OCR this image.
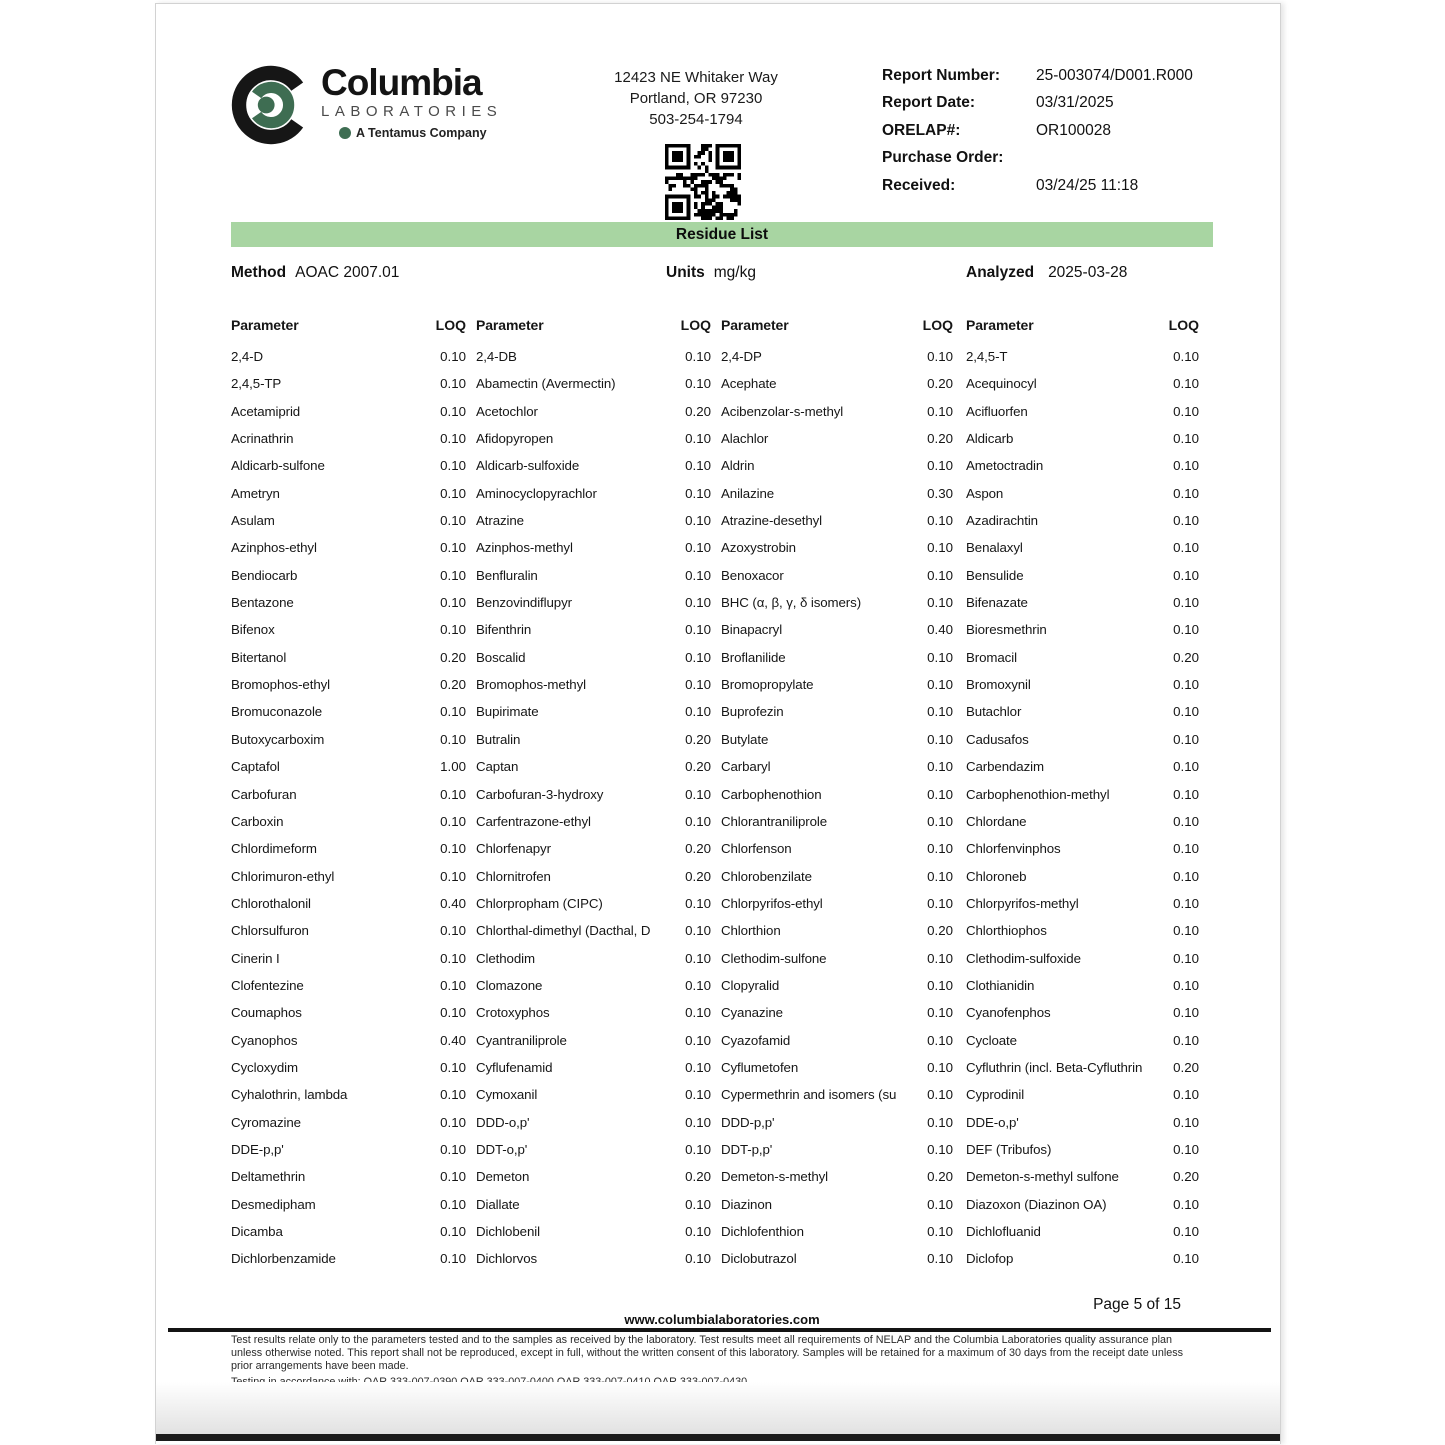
Columbia
LABORATORIES
A Tentamus Company
12423 NE Whitaker Way
Portland, OR 97230
503-254-1794
Report Number:	25-003074/D001.R000
Report Date:	03/31/2025
ORELAP#:	OR100028
Purchase Order:
Received:	03/24/25 11:18
Residue List
Method AOAC 2007.01	Units mg/kg	Analyzed 2025-03-28
Parameter	LOQ
2,4-D	0.10
2,4,5-TP	0.10
Acetamiprid	0.10
Acrinathrin	0.10
Aldicarb-sulfone	0.10
Ametryn	0.10
Asulam	0.10
Azinphos-ethyl	0.10
Bendiocarb	0.10
Bentazone	0.10
Bifenox	0.10
Bitertanol	0.20
Bromophos-ethyl	0.20
Bromuconazole	0.10
Butoxycarboxim	0.10
Captafol	1.00
Carbofuran	0.10
Carboxin	0.10
Chlordimeform	0.10
Chlorimuron-ethyl	0.10
Chlorothalonil	0.40
Chlorsulfuron	0.10
Cinerin I	0.10
Clofentezine	0.10
Coumaphos	0.10
Cyanophos	0.40
Cycloxydim	0.10
Cyhalothrin, lambda	0.10
Cyromazine	0.10
DDE-p,p'	0.10
Deltamethrin	0.10
Desmedipham	0.10
Dicamba	0.10
Dichlorbenzamide	0.10
Parameter	LOQ
2,4-DB	0.10
Abamectin (Avermectin)	0.10
Acetochlor	0.20
Afidopyropen	0.10
Aldicarb-sulfoxide	0.10
Aminocyclopyrachlor	0.10
Atrazine	0.10
Azinphos-methyl	0.10
Benfluralin	0.10
Benzovindiflupyr	0.10
Bifenthrin	0.10
Boscalid	0.10
Bromophos-methyl	0.10
Bupirimate	0.10
Butralin	0.20
Captan	0.20
Carbofuran-3-hydroxy	0.10
Carfentrazone-ethyl	0.10
Chlorfenapyr	0.20
Chlornitrofen	0.20
Chlorpropham (CIPC)	0.10
Chlorthal-dimethyl (Dacthal, D	0.10
Clethodim	0.10
Clomazone	0.10
Crotoxyphos	0.10
Cyantraniliprole	0.10
Cyflufenamid	0.10
Cymoxanil	0.10
DDD-o,p'	0.10
DDT-o,p'	0.10
Demeton	0.20
Diallate	0.10
Dichlobenil	0.10
Dichlorvos	0.10
Parameter	LOQ
2,4-DP	0.10
Acephate	0.20
Acibenzolar-s-methyl	0.10
Alachlor	0.20
Aldrin	0.10
Anilazine	0.30
Atrazine-desethyl	0.10
Azoxystrobin	0.10
Benoxacor	0.10
BHC (α, β, γ, δ isomers)	0.10
Binapacryl	0.40
Broflanilide	0.10
Bromopropylate	0.10
Buprofezin	0.10
Butylate	0.10
Carbaryl	0.10
Carbophenothion	0.10
Chlorantraniliprole	0.10
Chlorfenson	0.10
Chlorobenzilate	0.10
Chlorpyrifos-ethyl	0.10
Chlorthion	0.20
Clethodim-sulfone	0.10
Clopyralid	0.10
Cyanazine	0.10
Cyazofamid	0.10
Cyflumetofen	0.10
Cypermethrin and isomers (su	0.10
DDD-p,p'	0.10
DDT-p,p'	0.10
Demeton-s-methyl	0.20
Diazinon	0.10
Dichlofenthion	0.10
Diclobutrazol	0.10
Parameter	LOQ
2,4,5-T	0.10
Acequinocyl	0.10
Acifluorfen	0.10
Aldicarb	0.10
Ametoctradin	0.10
Aspon	0.10
Azadirachtin	0.10
Benalaxyl	0.10
Bensulide	0.10
Bifenazate	0.10
Bioresmethrin	0.10
Bromacil	0.20
Bromoxynil	0.10
Butachlor	0.10
Cadusafos	0.10
Carbendazim	0.10
Carbophenothion-methyl	0.10
Chlordane	0.10
Chlorfenvinphos	0.10
Chloroneb	0.10
Chlorpyrifos-methyl	0.10
Chlorthiophos	0.10
Clethodim-sulfoxide	0.10
Clothianidin	0.10
Cyanofenphos	0.10
Cycloate	0.10
Cyfluthrin (incl. Beta-Cyfluthrin	0.20
Cyprodinil	0.10
DDE-o,p'	0.10
DEF (Tribufos)	0.10
Demeton-s-methyl sulfone	0.20
Diazoxon (Diazinon OA)	0.10
Dichlofluanid	0.10
Diclofop	0.10
Page 5 of 15
www.columbialaboratories.com
Test results relate only to the parameters tested and to the samples as received by the laboratory. Test results meet all requirements of NELAP and the Columbia Laboratories quality assurance plan
unless otherwise noted. This report shall not be reproduced, except in full, without the written consent of this laboratory. Samples will be retained for a maximum of 30 days from the receipt date unless
prior arrangements have been made.
